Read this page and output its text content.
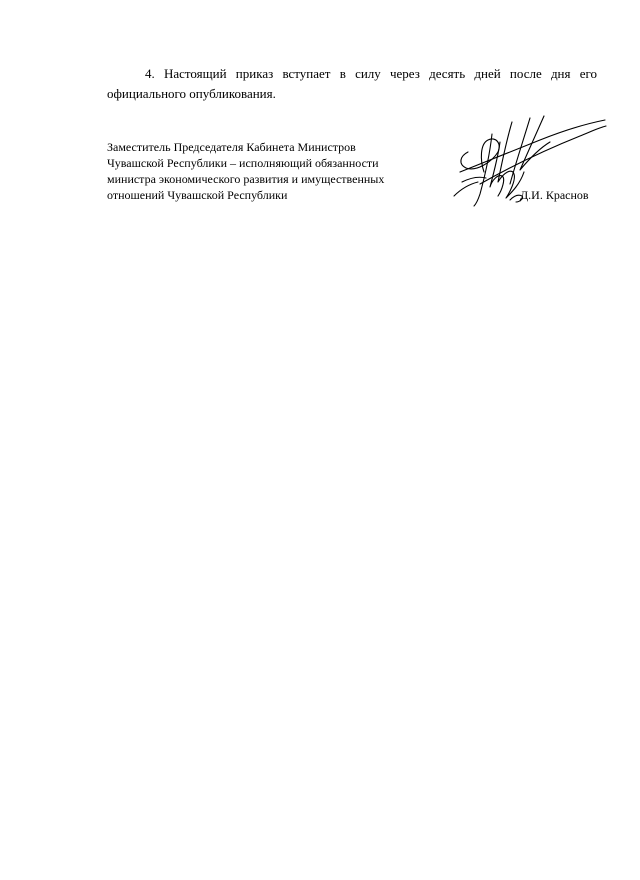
4. Настоящий приказ вступает в силу через десять дней после дня его официального опубликования.

Заместитель Председателя Кабинета Министров
Чувашской Республики – исполняющий обязанности
министра экономического развития и имущественных
отношений Чувашской Республики	Д.И. Краснов
